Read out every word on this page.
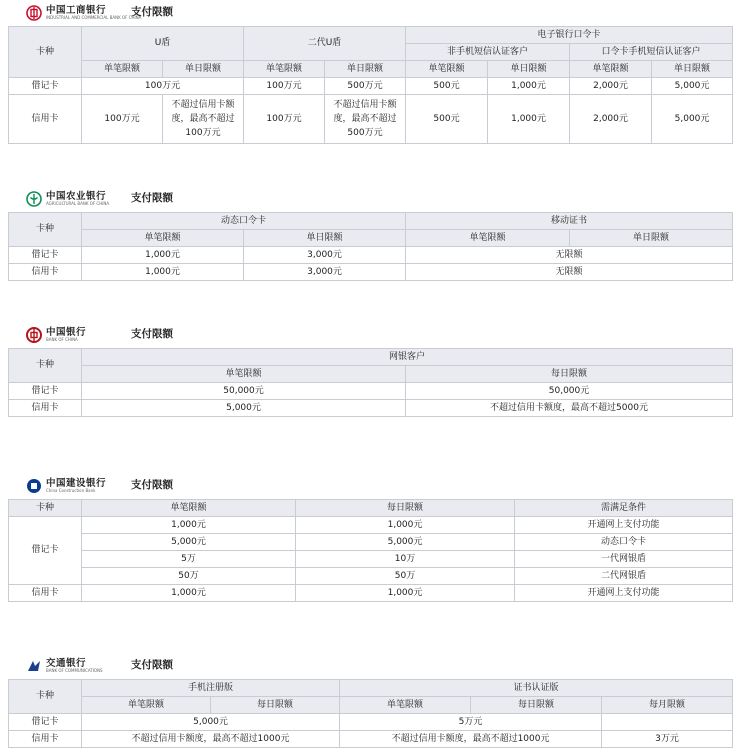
中国工商银行
INDUSTRIAL AND COMMERCIAL BANK OF CHINA
支付限额
卡种	U盾		二代U盾		电子银行口令卡			
					非手机短信认证客户		口令卡手机短信认证客户	
	单笔限额	单日限额	单笔限额	单日限额	单笔限额	单日限额	单笔限额	单日限额
借记卡	100万元		100万元	500万元	500元	1,000元	2,000元	5,000元
信用卡	100万元	不超过信用卡额度，最高不超过100万元	100万元	不超过信用卡额度，最高不超过500万元	500元	1,000元	2,000元	5,000元
中国农业银行
AGRICULTURAL BANK OF CHINA 支付限额
卡种	动态口令卡		移动证书	
	单笔限额	单日限额	单笔限额	单日限额
借记卡	1,000元	3,000元	无限额	
信用卡	1,000元	3,000元	无限额	
中国银行
BANK OF CHINA	支付限额
卡种	网银客户	
	单笔限额	每日限额
借记卡	50,000元	50,000元
信用卡	5,000元	不超过信用卡额度，最高不超过5000元
中国建设银行
China Construction Bank	支付限额
卡种	单笔限额	每日限额	需满足条件
借记卡	1,000元	1,000元	开通网上支付功能
	5,000元	5,000元	动态口令卡
	5万	10万	一代网银盾
	50万	50万	二代网银盾
信用卡	1,000元	1,000元	开通网上支付功能
交通银行
BANK OF COMMUNICATIONS	支付限额
卡种	手机注册版		证书认证版		
	单笔限额	每日限额	单笔限额	每日限额	每月限额
借记卡	5,000元		5万元		
信用卡	不超过信用卡额度，最高不超过1000元		不超过信用卡额度，最高不超过1000元		3万元
